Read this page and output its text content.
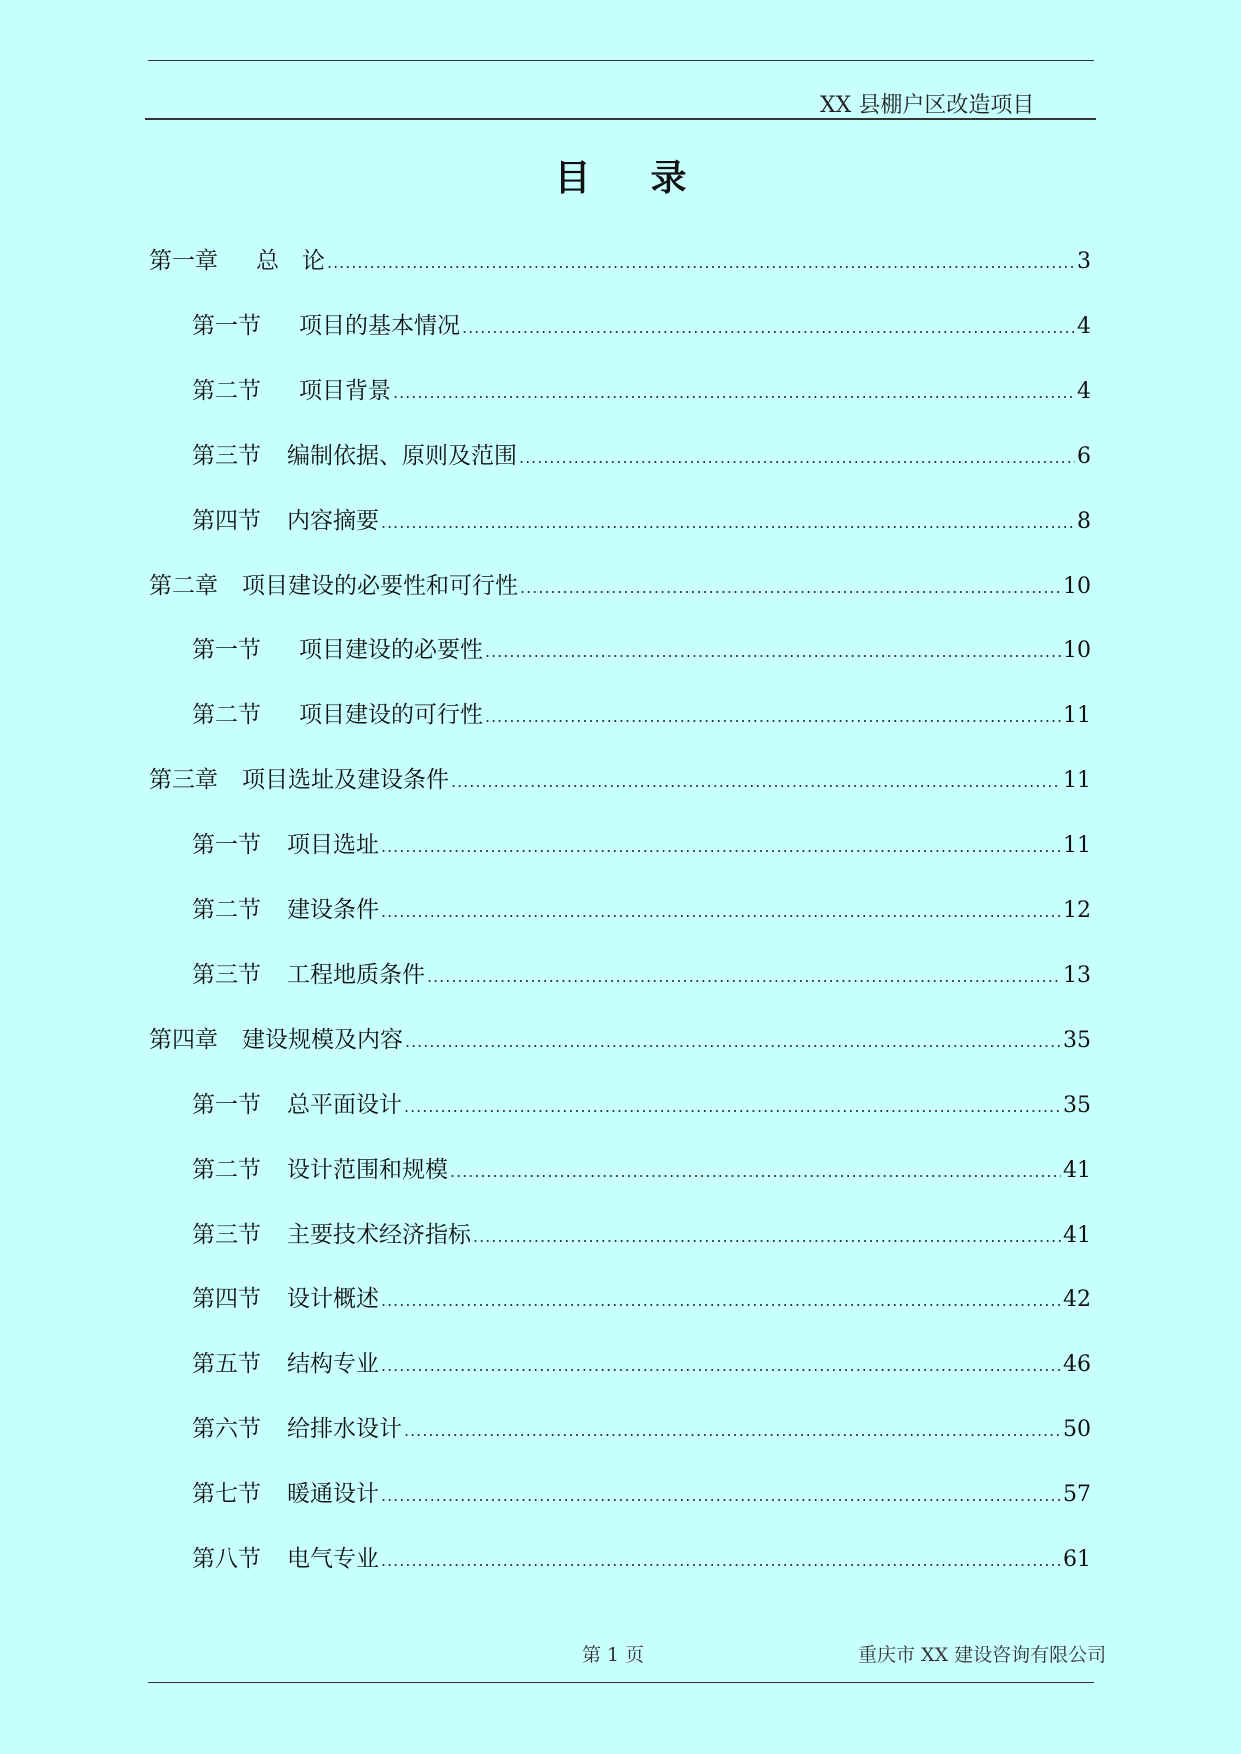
XX 县棚户区改造项目
目录
第一章 总　论 .....	3
第一节 项目的基本情况 .....	4
第二节 项目背景 .....	4
第三节 编制依据、原则及范围 .....	6
第四节 内容摘要 .....	8
第二章 项目建设的必要性和可行性 .....	10
第一节 项目建设的必要性 .....	10
第二节 项目建设的可行性 .....	11
第三章 项目选址及建设条件 .....	11
第一节 项目选址 .....	11
第二节 建设条件 .....	12
第三节 工程地质条件 .....	13
第四章 建设规模及内容 .....	35
第一节 总平面设计 .....	35
第二节 设计范围和规模 .....	41
第三节 主要技术经济指标 .....	41
第四节 设计概述 .....	42
第五节 结构专业 .....	46
第六节 给排水设计 .....	50
第七节 暖通设计 .....	57
第八节 电气专业 .....	61
第 1 页	重庆市 XX 建设咨询有限公司
